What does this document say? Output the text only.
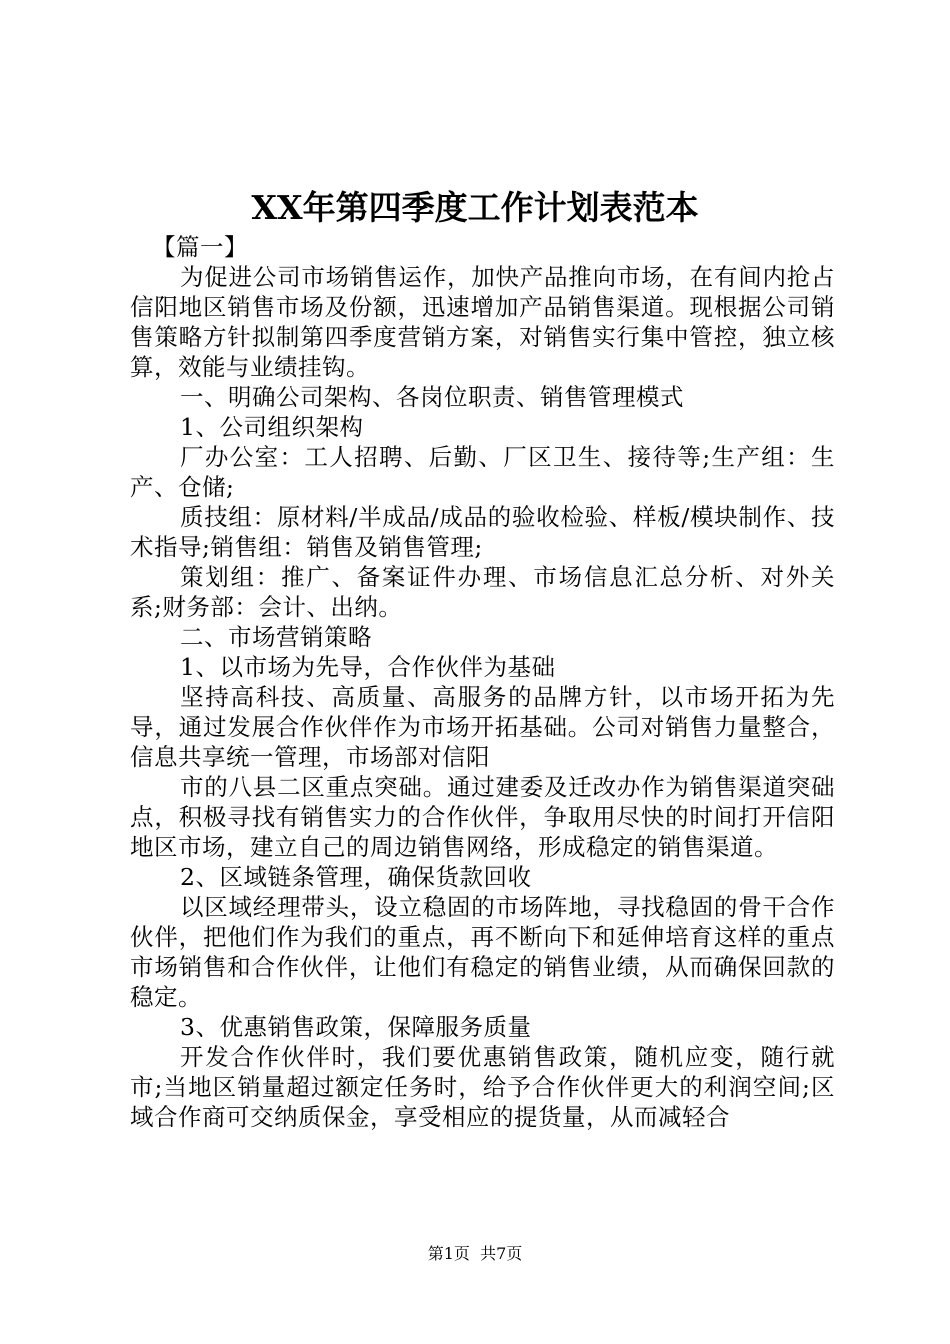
XX年第四季度工作计划表范本

【篇一】

为促进公司市场销售运作，加快产品推向市场，在有间内抢占信阳地区销售市场及份额，迅速增加产品销售渠道。现根据公司销售策略方针拟制第四季度营销方案，对销售实行集中管控，独立核算，效能与业绩挂钩。

一、明确公司架构、各岗位职责、销售管理模式

1、公司组织架构

厂办公室：工人招聘、后勤、厂区卫生、接待等;生产组：生产、仓储;

质技组：原材料/半成品/成品的验收检验、样板/模块制作、技术指导;销售组：销售及销售管理;

策划组：推广、备案证件办理、市场信息汇总分析、对外关系;财务部：会计、出纳。

二、市场营销策略

1、以市场为先导，合作伙伴为基础

坚持高科技、高质量、高服务的品牌方针，以市场开拓为先导，通过发展合作伙伴作为市场开拓基础。公司对销售力量整合，信息共享统一管理，市场部对信阳

市的八县二区重点突础。通过建委及迁改办作为销售渠道突础点，积极寻找有销售实力的合作伙伴，争取用尽快的时间打开信阳地区市场，建立自己的周边销售网络，形成稳定的销售渠道。

2、区域链条管理，确保货款回收

以区域经理带头，设立稳固的市场阵地，寻找稳固的骨干合作伙伴，把他们作为我们的重点，再不断向下和延伸培育这样的重点市场销售和合作伙伴，让他们有稳定的销售业绩，从而确保回款的稳定。

3、优惠销售政策，保障服务质量

开发合作伙伴时，我们要优惠销售政策，随机应变，随行就市;当地区销量超过额定任务时，给予合作伙伴更大的利润空间;区域合作商可交纳质保金，享受相应的提货量，从而减轻合

第1页  共7页
